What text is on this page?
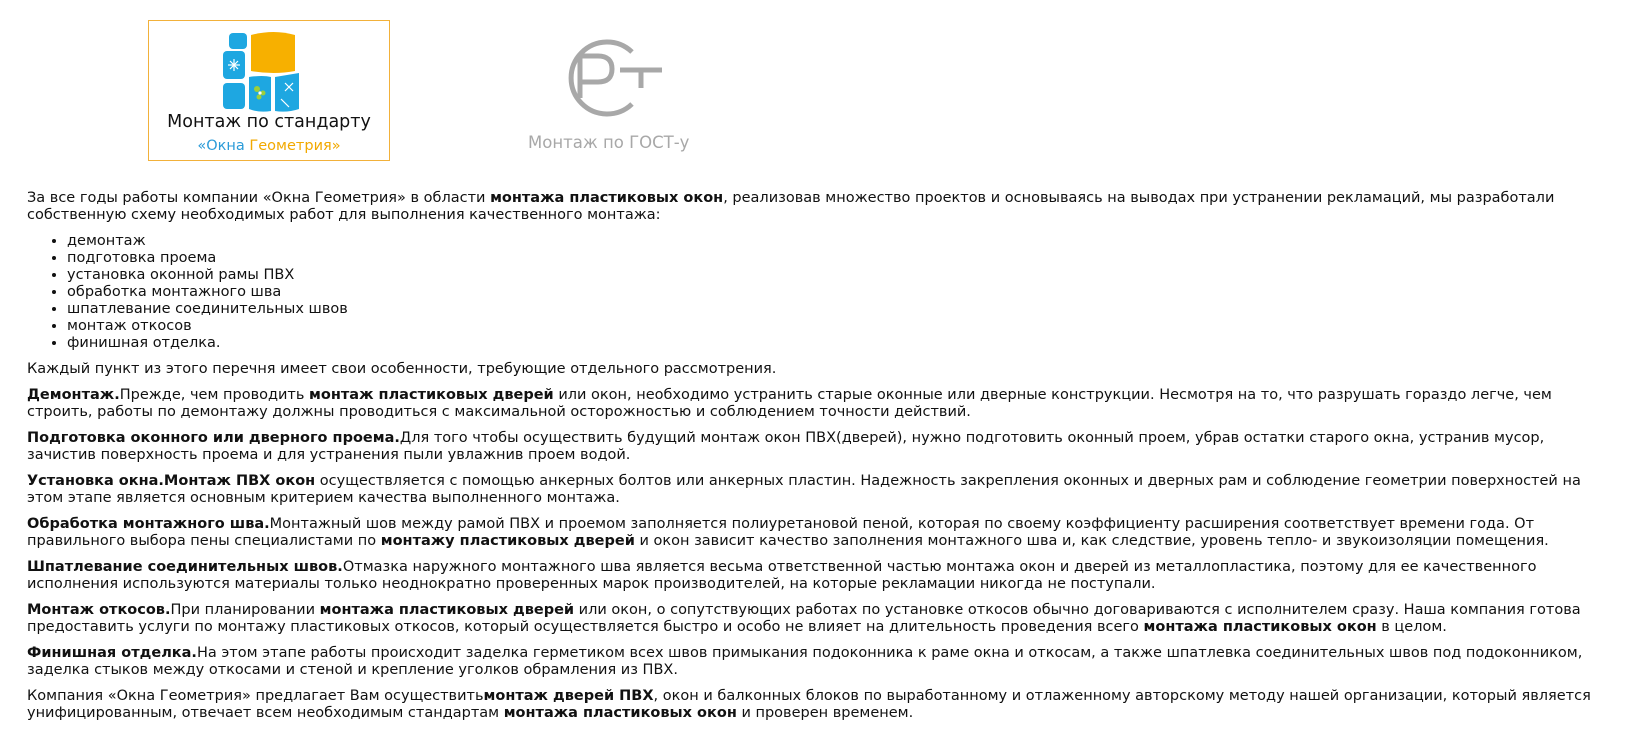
Монтаж по стандарту
«Окна Геометрия»	Монтаж по ГОСТ-у

За все годы работы компании «Окна Геометрия» в области монтажа пластиковых окон, реализовав множество проектов и основываясь на выводах при устранении рекламаций, мы разработали собственную схему необходимых работ для выполнения качественного монтажа:

• демонтаж
• подготовка проема
• установка оконной рамы ПВХ
• обработка монтажного шва
• шпатлевание соединительных швов
• монтаж откосов
• финишная отделка.

Каждый пункт из этого перечня имеет свои особенности, требующие отдельного рассмотрения.

Демонтаж.Прежде, чем проводить монтаж пластиковых дверей или окон, необходимо устранить старые оконные или дверные конструкции. Несмотря на то, что разрушать гораздо легче, чем строить, работы по демонтажу должны проводиться с максимальной осторожностью и соблюдением точности действий.

Подготовка оконного или дверного проема.Для того чтобы осуществить будущий монтаж окон ПВХ(дверей), нужно подготовить оконный проем, убрав остатки старого окна, устранив мусор, зачистив поверхность проема и для устранения пыли увлажнив проем водой.

Установка окна.Монтаж ПВХ окон осуществляется с помощью анкерных болтов или анкерных пластин. Надежность закрепления оконных и дверных рам и соблюдение геометрии поверхностей на этом этапе является основным критерием качества выполненного монтажа.

Обработка монтажного шва.Монтажный шов между рамой ПВХ и проемом заполняется полиуретановой пеной, которая по своему коэффициенту расширения соответствует времени года. От правильного выбора пены специалистами по монтажу пластиковых дверей и окон зависит качество заполнения монтажного шва и, как следствие, уровень тепло- и звукоизоляции помещения.

Шпатлевание соединительных швов.Отмазка наружного монтажного шва является весьма ответственной частью монтажа окон и дверей из металлопластика, поэтому для ее качественного исполнения используются материалы только неоднократно проверенных марок производителей, на которые рекламации никогда не поступали.

Монтаж откосов.При планировании монтажа пластиковых дверей или окон, о сопутствующих работах по установке откосов обычно договариваются с исполнителем сразу. Наша компания готова предоставить услуги по монтажу пластиковых откосов, который осуществляется быстро и особо не влияет на длительность проведения всего монтажа пластиковых окон в целом.

Финишная отделка.На этом этапе работы происходит заделка герметиком всех швов примыкания подоконника к раме окна и откосам, а также шпатлевка соединительных швов под подоконником, заделка стыков между откосами и стеной и крепление уголков обрамления из ПВХ.

Компания «Окна Геометрия» предлагает Вам осуществитьмонтаж дверей ПВХ, окон и балконных блоков по выработанному и отлаженному авторскому методу нашей организации, который является унифицированным, отвечает всем необходимым стандартам монтажа пластиковых окон и проверен временем.
